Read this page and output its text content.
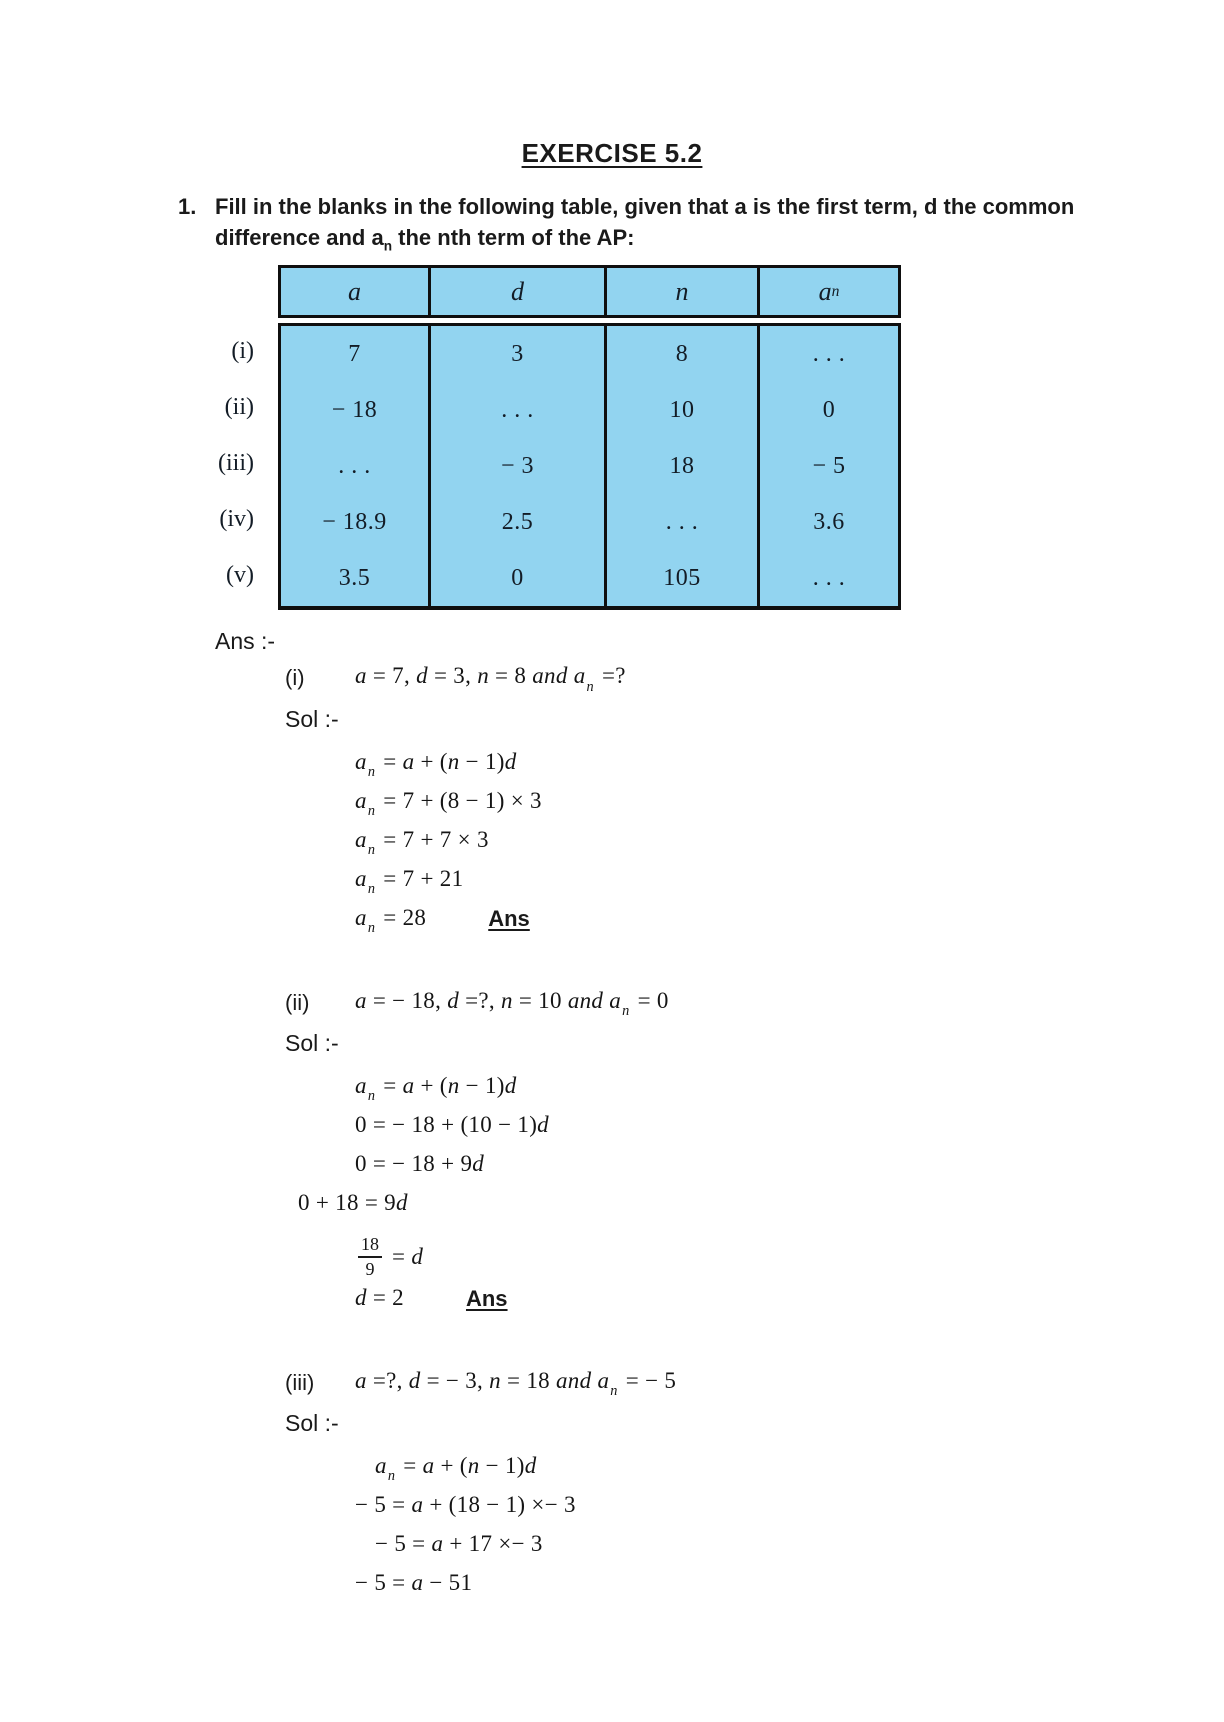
EXERCISE 5.2
1. Fill in the blanks in the following table, given that a is the first term, d the common
difference and $a_n$ the nth term of the AP:
(i)
(ii)
(iii)
(iv)
(v)
a	d	n	a n
7	3	8	. . .
− 18	. . .	10	0
. . .	− 3	18	− 5
− 18.9	2.5	. . .	3.6
3.5	0	105	. . .
Ans :-
(i)	a = 7, d = 3, n = 8 and $a_n$ =?
Sol :-
$a_n = a + (n - 1)d$
$a_n = 7 + (8 - 1) \times 3$
$a_n = 7 + 7 \times 3$
$a_n = 7 + 21$
$a_n = 28$	Ans
(ii)	a = − 18, d =?, n = 10 and $a_n = 0$
Sol :-
$a_n = a + (n - 1)d$
0 = − 18 + (10 − 1)d
0 = − 18 + 9d
0 + 18 = 9d
$\frac{18}{9} = d$
d = 2	Ans
(iii)	a =?, d = − 3, n = 18 and $a_n$ = − 5
Sol :-
$a_n = a + (n - 1)d$
− 5 = a + (18 − 1) ×− 3
− 5 = a + 17 ×− 3
− 5 = a − 51
